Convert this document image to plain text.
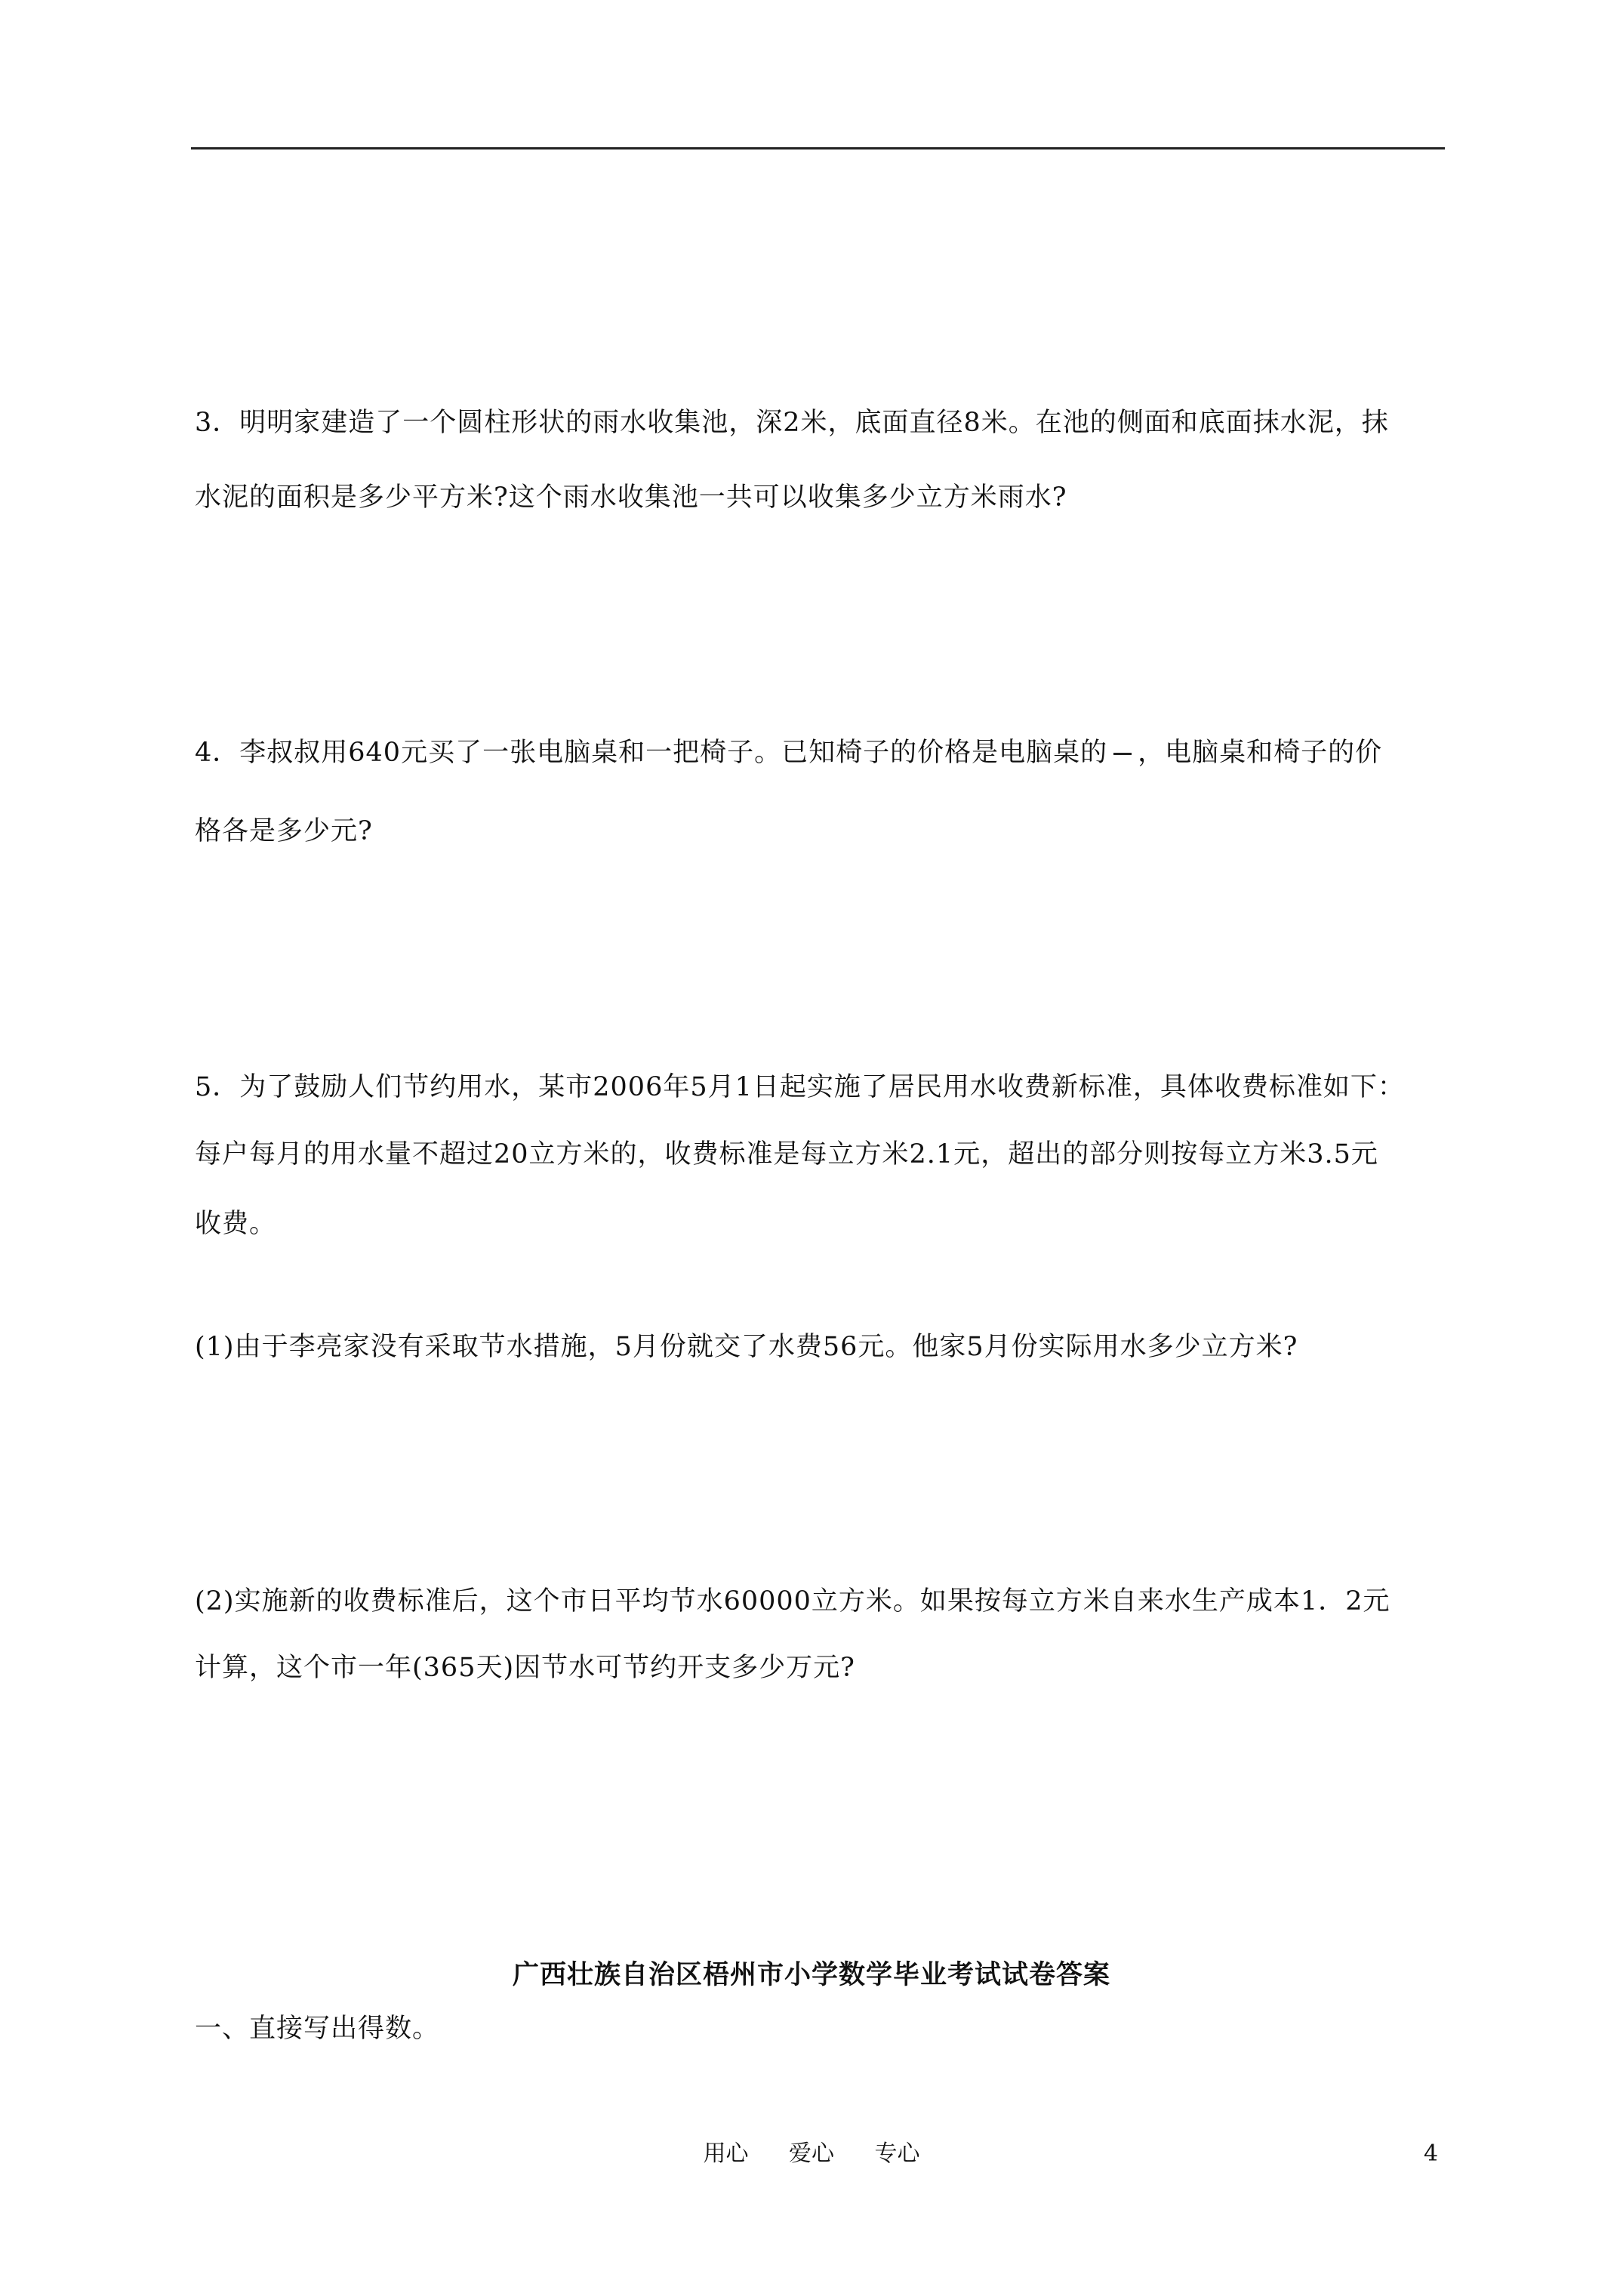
3．明明家建造了一个圆柱形状的雨水收集池，深2米，底面直径8米。在池的侧面和底面抹水泥，抹
水泥的面积是多少平方米?这个雨水收集池一共可以收集多少立方米雨水?
4．李叔叔用640元买了一张电脑桌和一把椅子。已知椅子的价格是电脑桌的 ，电脑桌和椅子的价
格各是多少元?
5．为了鼓励人们节约用水，某市2006年5月1日起实施了居民用水收费新标准，具体收费标准如下：
每户每月的用水量不超过20立方米的，收费标准是每立方米2.1元，超出的部分则按每立方米3.5元
收费。
(1)由于李亮家没有采取节水措施，5月份就交了水费56元。他家5月份实际用水多少立方米?
(2)实施新的收费标准后，这个市日平均节水60000立方米。如果按每立方米自来水生产成本1．2元
计算，这个市一年(365天)因节水可节约开支多少万元?
广西壮族自治区梧州市小学数学毕业考试试卷答案
一、直接写出得数。
用心 爱心 专心	4
